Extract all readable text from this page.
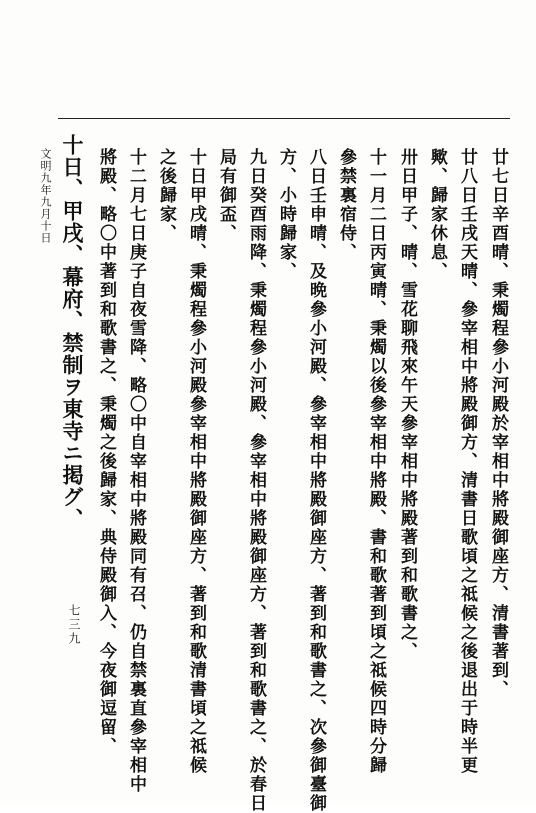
廿七日辛酉晴、秉燭程參小河殿於宰相中將殿御座方、清書著到、
廿八日壬戌天晴、參宰相中將殿御方、清書日歌頃之祗候之後退出于時半更
歟、歸家休息、
卅日甲子、晴、雪花聊飛來午天參宰相中將殿著到和歌書之、
十一月二日丙寅晴、秉燭以後參宰相中將殿、書和歌著到頃之祗候四時分歸
參禁裏宿侍、
八日壬申晴、及晩參小河殿、參宰相中將殿御座方、著到和歌書之、次參御臺御
方、小時歸家、
九日癸酉雨降、秉燭程參小河殿、參宰相中將殿御座方、著到和歌書之、於春日
局有御盃、
十日甲戌晴、秉燭程參小河殿參宰相中將殿御座方、著到和歌清書頃之祗候
之後歸家、
十二月七日庚子自夜雪降、略〇中自宰相中將殿同有召、仍自禁裏直參宰相中
將殿、略〇中著到和歌書之、秉燭之後歸家、典侍殿御入、今夜御逗留、
十日、甲戌、幕府、禁制ヲ東寺ニ掲グ、
文明九年九月十日
七三九
